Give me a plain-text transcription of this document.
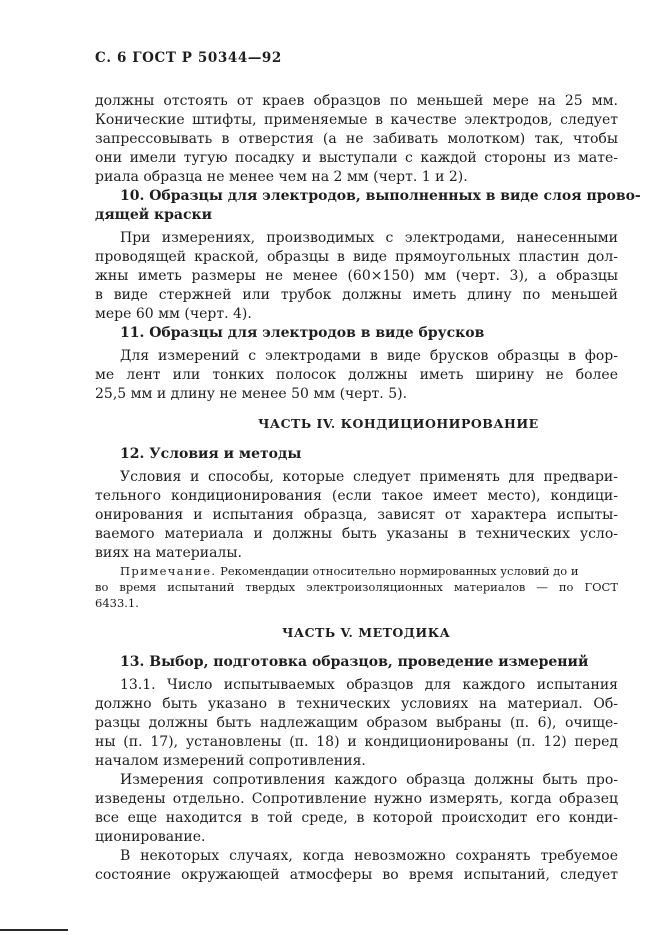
С. 6 ГОСТ Р 50344—92
должны отстоять от краев образцов по меньшей мере на 25 мм.
Конические штифты, применяемые в качестве электродов, следует
запрессовывать в отверстия (а не забивать молотком) так, чтобы
они имели тугую посадку и выступали с каждой стороны из мате-
риала образца не менее чем на 2 мм (черт. 1 и 2).
10. Образцы для электродов, выполненных в виде слоя прово-
дящей краски
При измерениях, производимых с электродами, нанесенными
проводящей краской, образцы в виде прямоугольных пластин дол-
жны иметь размеры не менее (60×150) мм (черт. 3), а образцы
в виде стержней или трубок должны иметь длину по меньшей
мере 60 мм (черт. 4).
11. Образцы для электродов в виде брусков
Для измерений с электродами в виде брусков образцы в фор-
ме лент или тонких полосок должны иметь ширину не более
25,5 мм и длину не менее 50 мм (черт. 5).
ЧАСТЬ IV. КОНДИЦИОНИРОВАНИЕ
12. Условия и методы
Условия и способы, которые следует применять для предвари-
тельного кондиционирования (если такое имеет место), кондици-
онирования и испытания образца, зависят от характера испыты-
ваемого материала и должны быть указаны в технических усло-
виях на материалы.
Примечание. Рекомендации относительно нормированных условий до и
во время испытаний твердых электроизоляционных материалов — по ГОСТ
6433.1.
ЧАСТЬ V. МЕТОДИКА
13. Выбор, подготовка образцов, проведение измерений
13.1. Число испытываемых образцов для каждого испытания
должно быть указано в технических условиях на материал. Об-
разцы должны быть надлежащим образом выбраны (п. 6), очище-
ны (п. 17), установлены (п. 18) и кондиционированы (п. 12) перед
началом измерений сопротивления.
Измерения сопротивления каждого образца должны быть про-
изведены отдельно. Сопротивление нужно измерять, когда образец
все еще находится в той среде, в которой происходит его конди-
ционирование.
В некоторых случаях, когда невозможно сохранять требуемое
состояние окружающей атмосферы во время испытаний, следует
